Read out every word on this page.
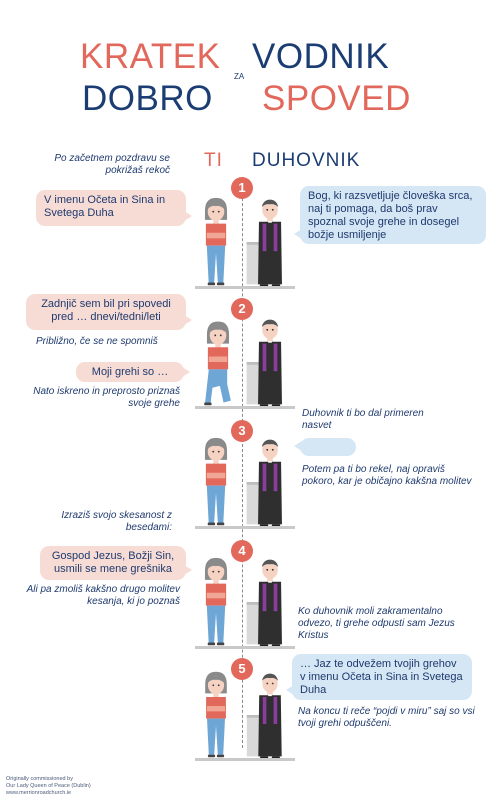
KRATEK VODNIK
ZA
DOBRO SPOVED
TI DUHOVNIK
Po začetnem pozdravu se pokrižaš rekoč
1
V imenu Očeta in Sina in Svetega Duha
Bog, ki razsvetljuje človeška srca, naj ti pomaga, da boš prav spoznal svoje grehe in dosegel božje usmiljenje
2
Zadnjič sem bil pri spovedi pred … dnevi/tedni/leti
Približno, če se ne spomniš
Moji grehi so …
Nato iskreno in preprosto priznaš svoje grehe
Duhovnik ti bo dal primeren nasvet
3
Potem pa ti bo rekel, naj opraviš pokoro, kar je običajno kakšna molitev
Izraziš svojo skesanost z besedami:
4
Gospod Jezus, Božji Sin, usmili se mene grešnika
Ali pa zmoliš kakšno drugo molitev kesanja, ki jo poznaš
Ko duhovnik moli zakramentalno odvezo, ti grehe odpusti sam Jezus Kristus
5	… Jaz te odvežem tvojih grehov v imenu Očeta in Sina in Svetega Duha
Na koncu ti reče “pojdi v miru” saj so vsi tvoji grehi odpuščeni.
Originally commissioned by
Our Lady Queen of Peace (Dublin)
www.merrionroadchurch.ie
